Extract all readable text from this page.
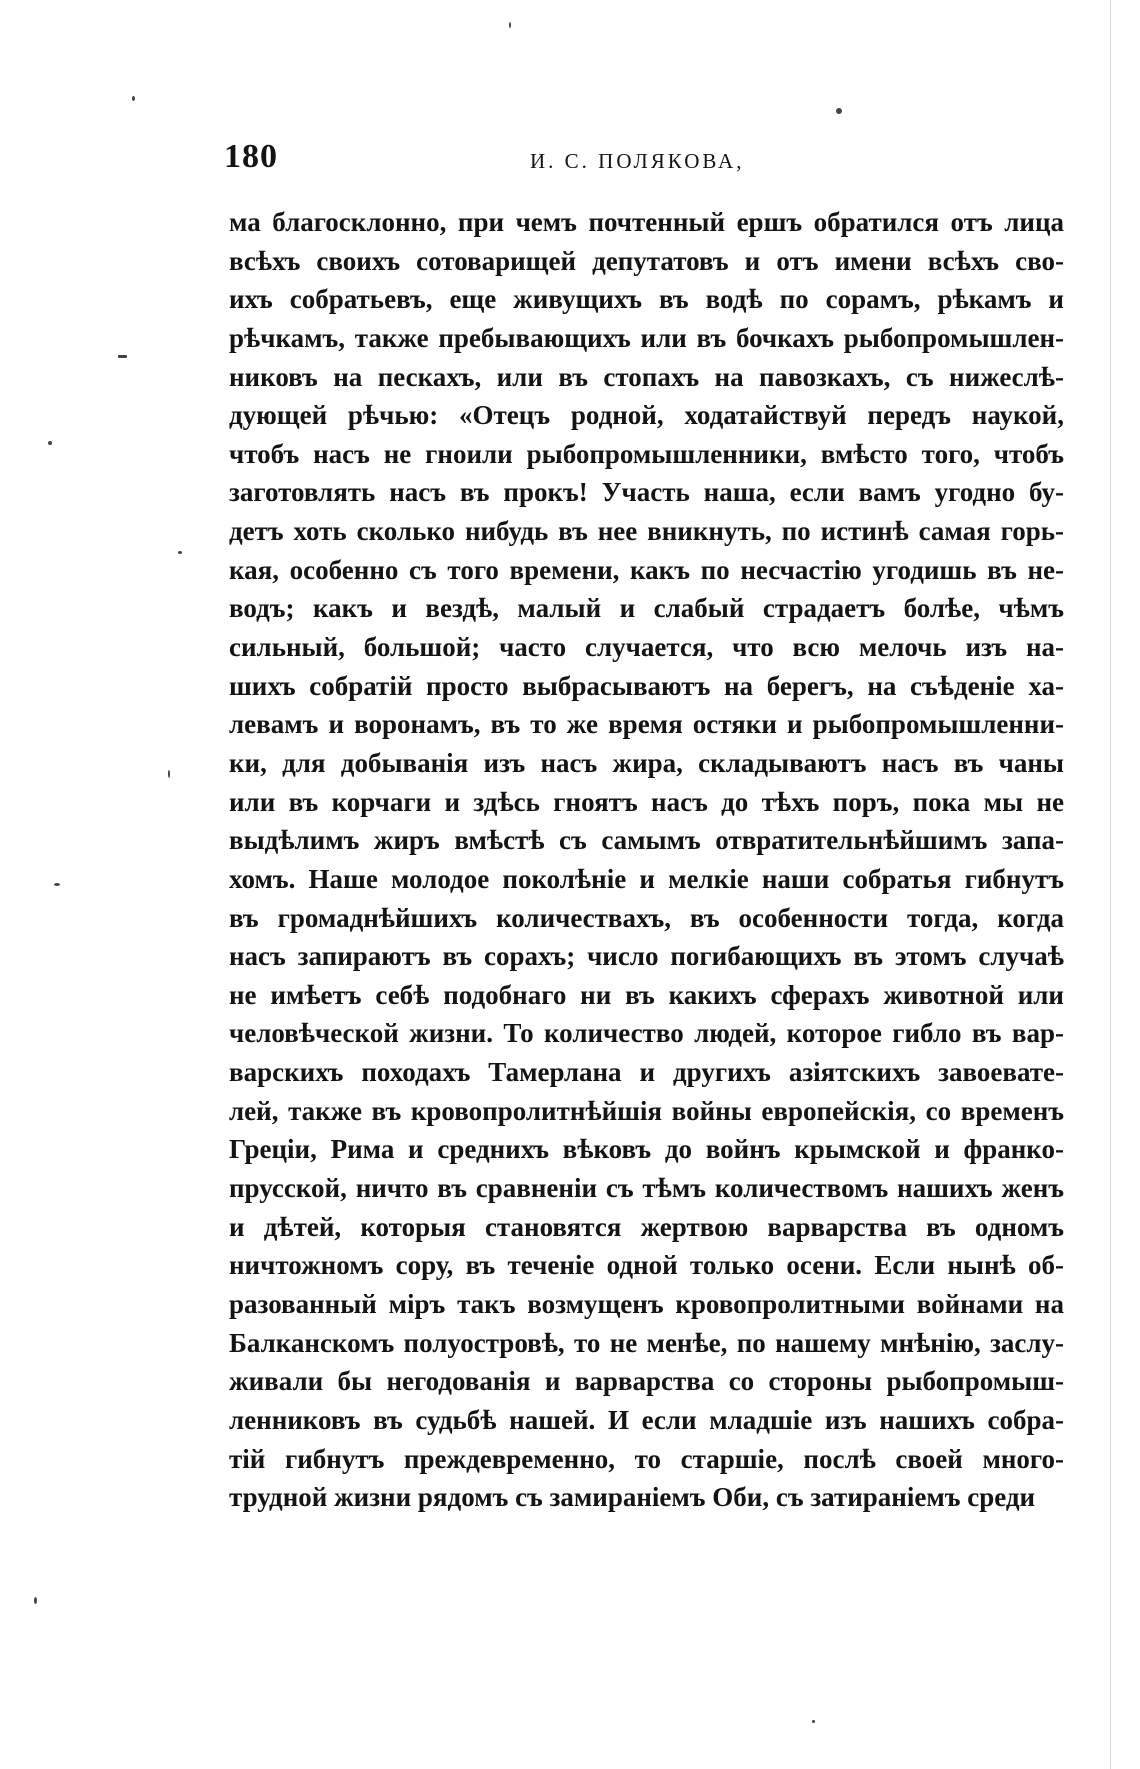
180	И. С. ПОЛЯКОВА,
ма благосклонно, при чемъ почтенный ершъ обратился отъ лица
всѣхъ своихъ сотоварищей депутатовъ и отъ имени всѣхъ сво-
ихъ собратьевъ, еще живущихъ въ водѣ по сорамъ, рѣкамъ и
рѣчкамъ, также пребывающихъ или въ бочкахъ рыбопромышлен-
никовъ на пескахъ, или въ стопахъ на павозкахъ, съ нижеслѣ-
дующей рѣчью: «Отецъ родной, ходатайствуй передъ наукой,
чтобъ насъ не гноили рыбопромышленники, вмѣсто того, чтобъ
заготовлять насъ въ прокъ! Участь наша, если вамъ угодно бу-
детъ хоть сколько нибудь въ нее вникнуть, по истинѣ самая горь-
кая, особенно съ того времени, какъ по несчастію угодишь въ не-
водъ; какъ и вездѣ, малый и слабый страдаетъ болѣе, чѣмъ
сильный, большой; часто случается, что всю мелочь изъ на-
шихъ собратій просто выбрасываютъ на берегъ, на съѣденіе ха-
левамъ и воронамъ, въ то же время остяки и рыбопромышленни-
ки, для добыванія изъ насъ жира, складываютъ насъ въ чаны
или въ корчаги и здѣсь гноятъ насъ до тѣхъ поръ, пока мы не
выдѣлимъ жиръ вмѣстѣ съ самымъ отвратительнѣйшимъ запа-
хомъ. Наше молодое поколѣніе и мелкіе наши собратья гибнутъ
въ громаднѣйшихъ количествахъ, въ особенности тогда, когда
насъ запираютъ въ сорахъ; число погибающихъ въ этомъ случаѣ
не имѣетъ себѣ подобнаго ни въ какихъ сферахъ животной или
человѣческой жизни. То количество людей, которое гибло въ вар-
варскихъ походахъ Тамерлана и другихъ азіятскихъ завоевате-
лей, также въ кровопролитнѣйшія войны европейскія, со временъ
Греціи, Рима и среднихъ вѣковъ до войнъ крымской и франко-
прусской, ничто въ сравненіи съ тѣмъ количествомъ нашихъ женъ
и дѣтей, которыя становятся жертвою варварства въ одномъ
ничтожномъ сору, въ теченіе одной только осени. Если нынѣ об-
разованный міръ такъ возмущенъ кровопролитными войнами на
Балканскомъ полуостровѣ, то не менѣе, по нашему мнѣнію, заслу-
живали бы негодованія и варварства со стороны рыбопромыш-
ленниковъ въ судьбѣ нашей. И если младшіе изъ нашихъ собра-
тій гибнутъ преждевременно, то старшіе, послѣ своей много-
трудной жизни рядомъ съ замираніемъ Оби, съ затираніемъ среди
